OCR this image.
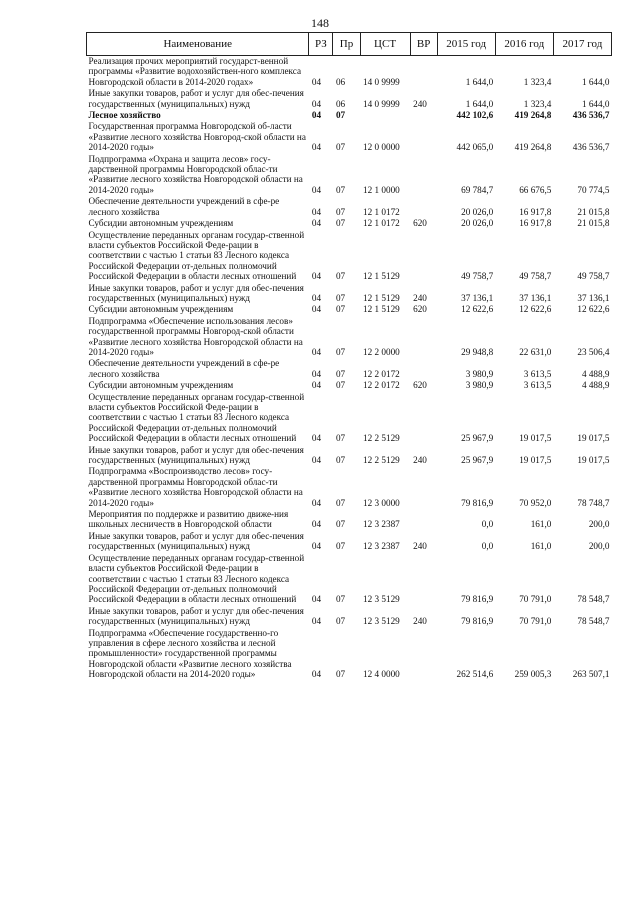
148
Наименование	РЗ	Пр	ЦСТ	ВР	2015 год	2016 год	2017 год
Реализация прочих мероприятий государст-венной программы «Развитие водохозяйствен-ного комплекса Новгородской области в 2014-2020 годах»	04	06	14 0 9999		1 644,0	1 323,4	1 644,0
Иные закупки товаров, работ и услуг для обес-печения государственных (муниципальных) нужд	04	06	14 0 9999	240	1 644,0	1 323,4	1 644,0
Лесное хозяйство	04	07			442 102,6	419 264,8	436 536,7
Государственная программа Новгородской об-ласти «Развитие лесного хозяйства Новгород-ской области на 2014-2020 годы»	04	07	12 0 0000		442 065,0	419 264,8	436 536,7
Подпрограмма «Охрана и защита лесов» госу-дарственной программы Новгородской облас-ти «Развитие лесного хозяйства Новгородской области на 2014-2020 годы»	04	07	12 1 0000		69 784,7	66 676,5	70 774,5
Обеспечение деятельности учреждений в сфе-ре лесного хозяйства	04	07	12 1 0172		20 026,0	16 917,8	21 015,8
Субсидии автономным учреждениям	04	07	12 1 0172	620	20 026,0	16 917,8	21 015,8
Осуществление переданных органам государ-ственной власти субъектов Российской Феде-рации в соответствии с частью 1 статьи 83 Лесного кодекса Российской Федерации от-дельных полномочий Российской Федерации в области лесных отношений	04	07	12 1 5129		49 758,7	49 758,7	49 758,7
Иные закупки товаров, работ и услуг для обес-печения государственных (муниципальных) нужд	04	07	12 1 5129	240	37 136,1	37 136,1	37 136,1
Субсидии автономным учреждениям	04	07	12 1 5129	620	12 622,6	12 622,6	12 622,6
Подпрограмма «Обеспечение использования лесов» государственной программы Новгород-ской области «Развитие лесного хозяйства Новгородской области на 2014-2020 годы»	04	07	12 2 0000		29 948,8	22 631,0	23 506,4
Обеспечение деятельности учреждений в сфе-ре лесного хозяйства	04	07	12 2 0172		3 980,9	3 613,5	4 488,9
Субсидии автономным учреждениям	04	07	12 2 0172	620	3 980,9	3 613,5	4 488,9
Осуществление переданных органам государ-ственной власти субъектов Российской Феде-рации в соответствии с частью 1 статьи 83 Лесного кодекса Российской Федерации от-дельных полномочий Российской Федерации в области лесных отношений	04	07	12 2 5129		25 967,9	19 017,5	19 017,5
Иные закупки товаров, работ и услуг для обес-печения государственных (муниципальных) нужд	04	07	12 2 5129	240	25 967,9	19 017,5	19 017,5
Подпрограмма «Воспроизводство лесов» госу-дарственной программы Новгородской облас-ти «Развитие лесного хозяйства Новгородской области на 2014-2020 годы»	04	07	12 3 0000		79 816,9	70 952,0	78 748,7
Мероприятия по поддержке и развитию движе-ния школьных лесничеств в Новгородской области	04	07	12 3 2387		0,0	161,0	200,0
Иные закупки товаров, работ и услуг для обес-печения государственных (муниципальных) нужд	04	07	12 3 2387	240	0,0	161,0	200,0
Осуществление переданных органам государ-ственной власти субъектов Российской Феде-рации в соответствии с частью 1 статьи 83 Лесного кодекса Российской Федерации от-дельных полномочий Российской Федерации в области лесных отношений	04	07	12 3 5129		79 816,9	70 791,0	78 548,7
Иные закупки товаров, работ и услуг для обес-печения государственных (муниципальных) нужд	04	07	12 3 5129	240	79 816,9	70 791,0	78 548,7
Подпрограмма «Обеспечение государственно-го управления в сфере лесного хозяйства и лесной промышленности» государственной программы Новгородской области «Развитие лесного хозяйства Новгородской области на 2014-2020 годы»	04	07	12 4 0000		262 514,6	259 005,3	263 507,1
